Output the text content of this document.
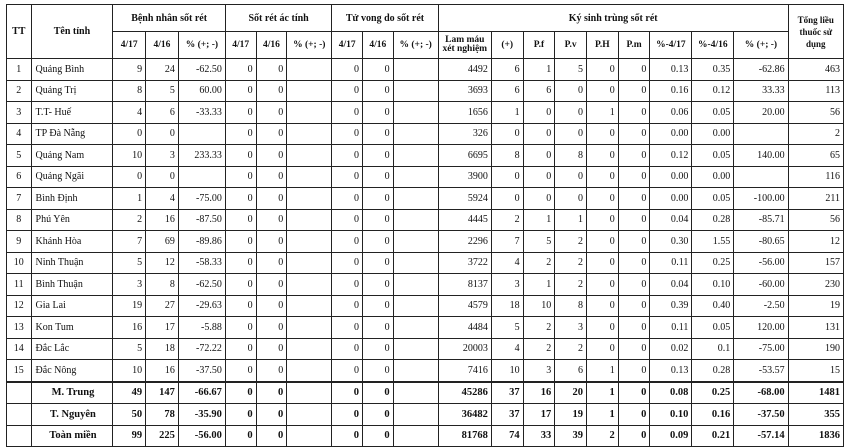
TT	Tên tỉnh	Bệnh nhân sốt rét			Sốt rét ác tính			Tử vong do sốt rét			Ký sinh trùng sốt rét									Tổng liều thuốc sử dụng
		4/17	4/16	% (+; -)	4/17	4/16	% (+; -)	4/17	4/16	% (+; -)	Lam máu xét nghiệm	(+)	P.f	P.v	P.H	P.m	%-4/17	%-4/16	% (+; -)	
1	Quảng Bình	9	24	-62.50	0	0		0	0		4492	6	1	5	0	0	0.13	0.35	-62.86	463
2	Quảng Trị	8	5	60.00	0	0		0	0		3693	6	6	0	0	0	0.16	0.12	33.33	113
3	T.T- Huế	4	6	-33.33	0	0		0	0		1656	1	0	0	1	0	0.06	0.05	20.00	56
4	TP Đà Nẵng	0	0		0	0		0	0		326	0	0	0	0	0	0.00	0.00		2
5	Quảng Nam	10	3	233.33	0	0		0	0		6695	8	0	8	0	0	0.12	0.05	140.00	65
6	Quảng Ngãi	0	0		0	0		0	0		3900	0	0	0	0	0	0.00	0.00		116
7	Bình Định	1	4	-75.00	0	0		0	0		5924	0	0	0	0	0	0.00	0.05	-100.00	211
8	Phú Yên	2	16	-87.50	0	0		0	0		4445	2	1	1	0	0	0.04	0.28	-85.71	56
9	Khánh Hòa	7	69	-89.86	0	0		0	0		2296	7	5	2	0	0	0.30	1.55	-80.65	12
10	Ninh Thuận	5	12	-58.33	0	0		0	0		3722	4	2	2	0	0	0.11	0.25	-56.00	157
11	Bình Thuận	3	8	-62.50	0	0		0	0		8137	3	1	2	0	0	0.04	0.10	-60.00	230
12	Gia Lai	19	27	-29.63	0	0		0	0		4579	18	10	8	0	0	0.39	0.40	-2.50	19
13	Kon Tum	16	17	-5.88	0	0		0	0		4484	5	2	3	0	0	0.11	0.05	120.00	131
14	Đắc Lắc	5	18	-72.22	0	0		0	0		20003	4	2	2	0	0	0.02	0.1	-75.00	190
15	Đắc Nông	10	16	-37.50	0	0		0	0		7416	10	3	6	1	0	0.13	0.28	-53.57	15
	M. Trung	49	147	-66.67	0	0		0	0		45286	37	16	20	1	0	0.08	0.25	-68.00	1481
	T. Nguyên	50	78	-35.90	0	0		0	0		36482	37	17	19	1	0	0.10	0.16	-37.50	355
	Toàn miền	99	225	-56.00	0	0		0	0		81768	74	33	39	2	0	0.09	0.21	-57.14	1836
